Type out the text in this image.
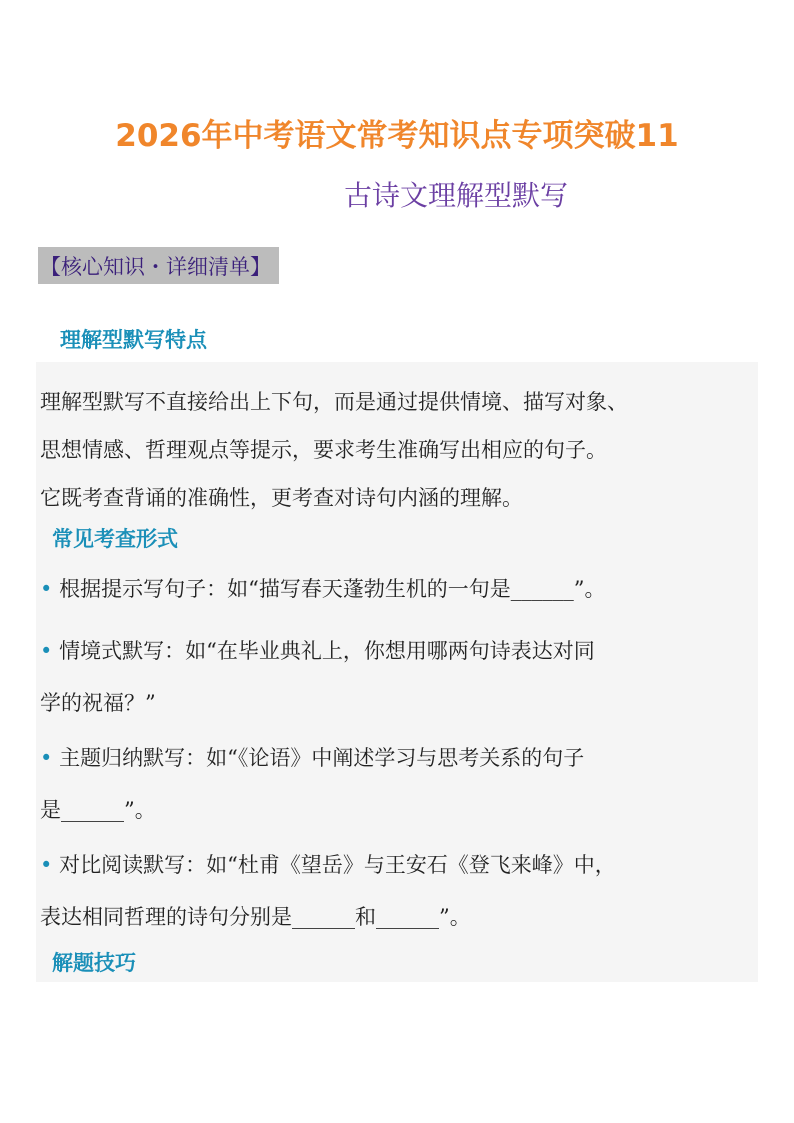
2026年中考语文常考知识点专项突破11
古诗文理解型默写
【核心知识・详细清单】
理解型默写特点

理解型默写不直接给出上下句，而是通过提供情境、描写对象、
思想情感、哲理观点等提示，要求考生准确写出相应的句子。
它既考查背诵的准确性，更考查对诗句内涵的理解。

常见考查形式
• 根据提示写句子：如“描写春天蓬勃生机的一句是______”。
• 情境式默写：如“在毕业典礼上，你想用哪两句诗表达对同
学的祝福？”
• 主题归纳默写：如“《论语》中阐述学习与思考关系的句子
是______”。
• 对比阅读默写：如“杜甫《望岳》与王安石《登飞来峰》中，
表达相同哲理的诗句分别是______和______”。
解题技巧
